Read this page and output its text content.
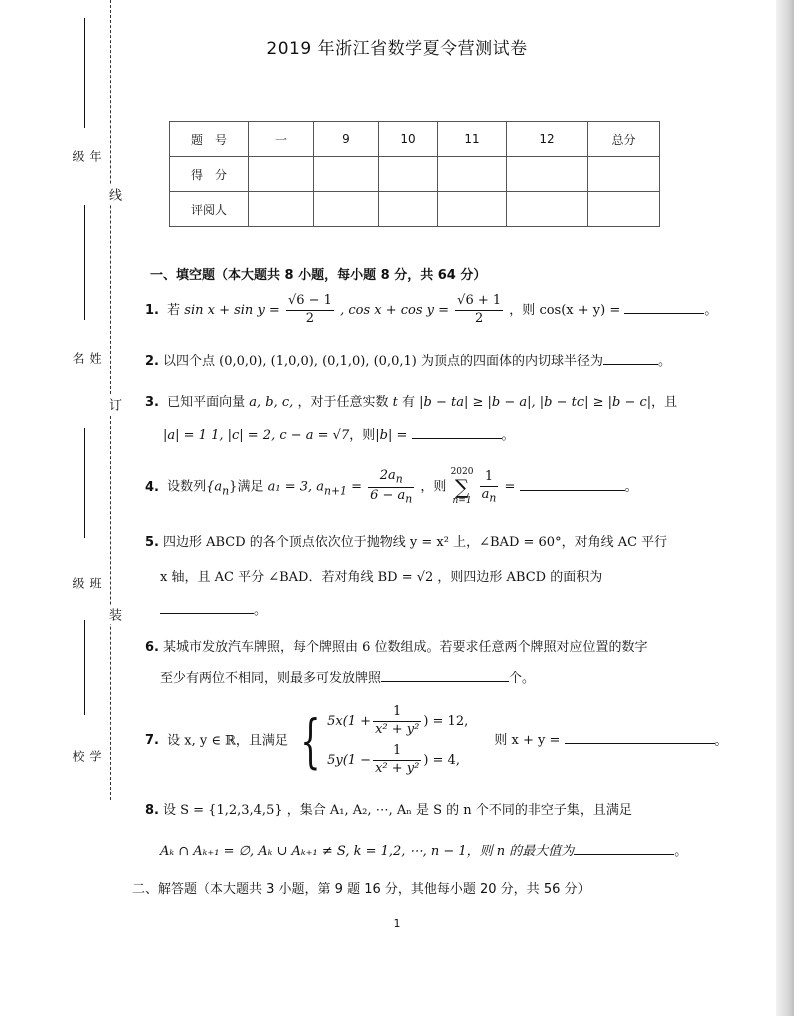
年级
姓 名
班级
学校
线
订
装
2019 年浙江省数学夏令营测试卷
题　号	一	9	10	11	12	总分
得　分						
评阅人						
一、填空题（本大题共 8 小题，每小题 8 分，共 64 分）
1. 若 $\sin x + \sin y = \frac{√6 - 1}{2}$ , $\cos x + \cos y = \frac{√6 + 1}{2}$ ，则 cos(x + y) =	。
2. 以四个点 (0,0,0), (1,0,0), (0,1,0), (0,0,1) 为顶点的四面体的内切球半径为	。
3. 已知平面向量 a, b, c, ，对于任意实数 t 有 |b − ta| ≥ |b − a|, |b − tc| ≥ |b − c|，且
|a| = 1 1, |c| = 2, c − a = √7，则|b| =	。
4. 设数列$\{a_n\}$满足 a₁ = 3, $a_{n+1} = \frac{2a_n}{6 - a_n}$ ，则
2020
∑
n=1
$\frac{1}{a_n}$ =	。
5. 四边形 ABCD 的各个顶点依次位于抛物线 y = x² 上，∠BAD = 60°，对角线 AC 平行
x 轴，且 AC 平分 ∠BAD．若对角线 BD = √2 ，则四边形 ABCD 的面积为
。
6. 某城市发放汽车牌照，每个牌照由 6 位数组成。若要求任意两个牌照对应位置的数字
至少有两位不相同，则最多可发放牌照	个。
7. 设 x, y ∈ ℝ，且满足 { $5x(1 + \frac{1}{\text{x² + y²}}$ ) = 12,
$5y(1 - \frac{1}{\text{x² + y²}}$ ) = 4,
则 x + y =	。
8. 设 S = {1,2,3,4,5} ，集合 A₁, A₂, ⋯, Aₙ 是 S 的 n 个不同的非空子集，且满足
Aₖ ∩ Aₖ₊₁ = ∅, Aₖ ∪ Aₖ₊₁ ≠ S, k = 1,2, ⋯, n − 1，则 n 的最大值为	。
二、解答题（本大题共 3 小题，第 9 题 16 分，其他每小题 20 分，共 56 分）
1
